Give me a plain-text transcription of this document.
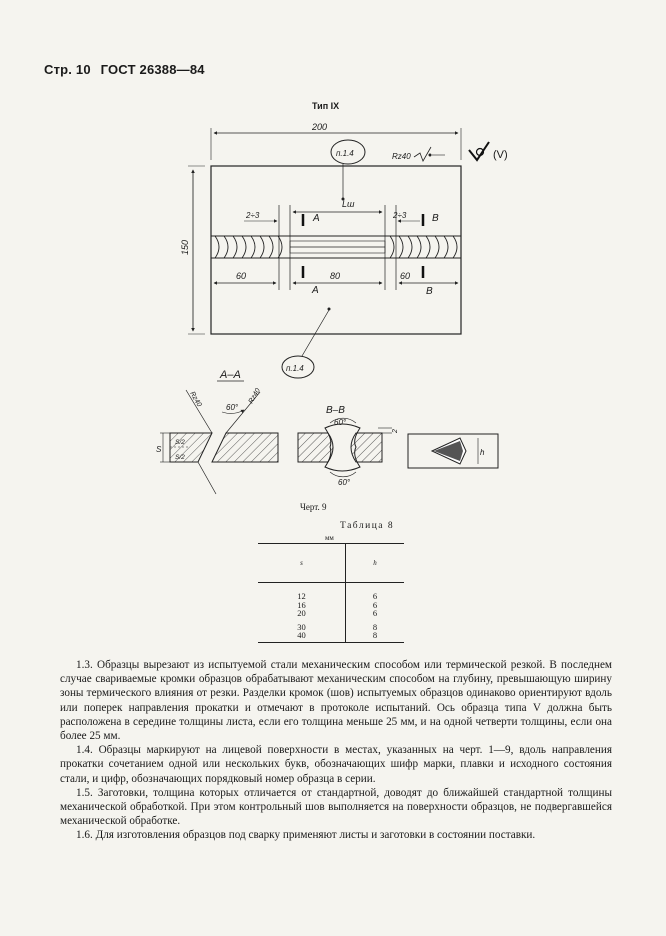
Стр. 10 ГОСТ 26388—84
Тип IX
200
150
Rz40	(V)
п.1.4
Lш
2÷3	2÷3
А	В
60	80	60
А	В
п.1.4
А–А
60°
Rz40	Rz40
S
S/2
S/2
В–В
60°
60°
2
h
Черт. 9
Таблица 8
мм
s	h
12	6
16	6
20	6
30	8
40	8

1.3. Образцы вырезают из испытуемой стали механическим способом или термической резкой. В последнем случае свариваемые кромки образцов обрабатывают механическим способом на глубину, превышающую ширину зоны термического влияния от резки. Разделки кромок (шов) испытуемых образцов одинаково ориентируют вдоль или поперек направления прокатки и отмечают в протоколе испытаний. Ось образца типа V должна быть расположена в середине толщины листа, если его толщина меньше 25 мм, и на одной четверти толщины, если она более 25 мм.

1.4. Образцы маркируют на лицевой поверхности в местах, указанных на черт. 1—9, вдоль направления прокатки сочетанием одной или нескольких букв, обозначающих шифр марки, плавки и исходного состояния стали, и цифр, обозначающих порядковый номер образца в серии.

1.5. Заготовки, толщина которых отличается от стандартной, доводят до ближайшей стандартной толщины механической обработкой. При этом контрольный шов выполняется на поверхности образцов, не подвергавшейся механической обработке.

1.6. Для изготовления образцов под сварку применяют листы и заготовки в состоянии поставки.
